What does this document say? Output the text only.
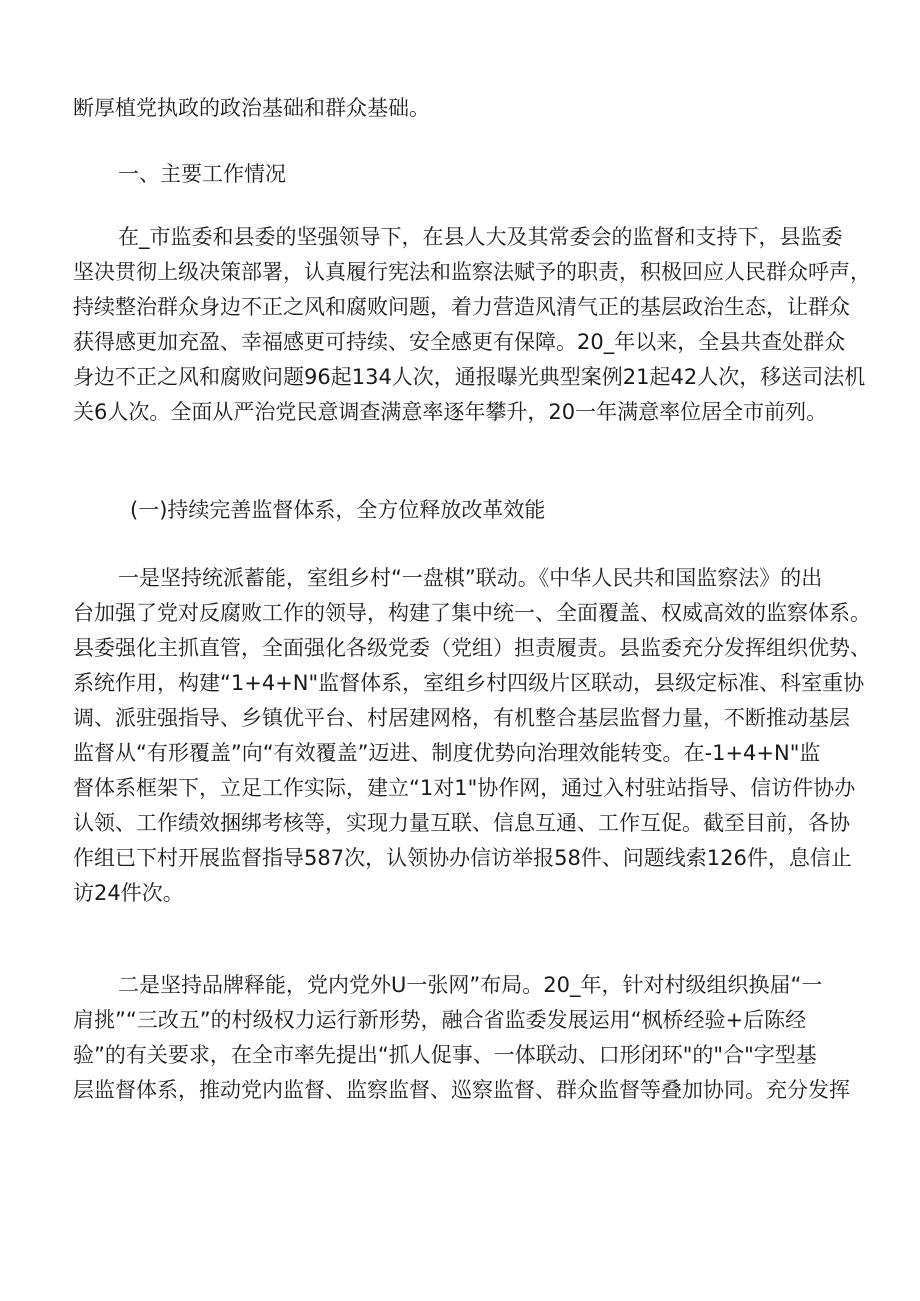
断厚植党执政的政治基础和群众基础。
一、主要工作情况
在_市监委和县委的坚强领导下，在县人大及其常委会的监督和支持下，县监委
坚决贯彻上级决策部署，认真履行宪法和监察法赋予的职责，积极回应人民群众呼声，
持续整治群众身边不正之风和腐败问题，着力营造风清气正的基层政治生态，让群众
获得感更加充盈、幸福感更可持续、安全感更有保障。20_年以来，全县共查处群众
身边不正之风和腐败问题96起134人次，通报曝光典型案例21起42人次，移送司法机
关6人次。全面从严治党民意调查满意率逐年攀升，20一年满意率位居全市前列。
(一)持续完善监督体系，全方位释放改革效能
一是坚持统派蓄能，室组乡村“一盘棋”联动。《中华人民共和国监察法》的出
台加强了党对反腐败工作的领导，构建了集中统一、全面覆盖、权威高效的监察体系。
县委强化主抓直管，全面强化各级党委（党组）担责履责。县监委充分发挥组织优势、
系统作用，构建“1+4+N"监督体系，室组乡村四级片区联动，县级定标准、科室重协
调、派驻强指导、乡镇优平台、村居建网格，有机整合基层监督力量，不断推动基层
监督从“有形覆盖”向“有效覆盖”迈进、制度优势向治理效能转变。在-1+4+N"监
督体系框架下，立足工作实际，建立“1对1"协作网，通过入村驻站指导、信访件协办
认领、工作绩效捆绑考核等，实现力量互联、信息互通、工作互促。截至目前，各协
作组已下村开展监督指导587次，认领协办信访举报58件、问题线索126件，息信止
访24件次。
二是坚持品牌释能，党内党外U一张网”布局。20_年，针对村级组织换届“一
肩挑”“三改五”的村级权力运行新形势，融合省监委发展运用“枫桥经验+后陈经
验”的有关要求，在全市率先提出“抓人促事、一体联动、口形闭环"的"合"字型基
层监督体系，推动党内监督、监察监督、巡察监督、群众监督等叠加协同。充分发挥
